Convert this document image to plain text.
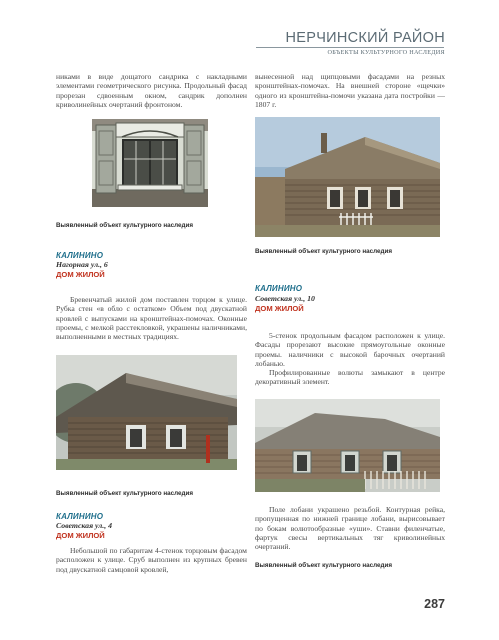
НЕРЧИНСКИЙ РАЙОН
ОБЪЕКТЫ КУЛЬТУРНОГО НАСЛЕДИЯ

никами в виде дощатого сандрика с накладными элементами геометрического рисунка. Продольный фасад прорезан сдвоенным окном, сандрик дополнен криволинейных очертаний фронтоном.

Выявленный объект культурного наследия
КАЛИНИНО
Нагорная ул., 6
ДОМ ЖИЛОЙ

Бревенчатый жилой дом поставлен торцом к улице. Рубка стен «в обло с остатком» Объем под двускатной кровлей с выпусками на кронштейнах-помочах. Оконные проемы, с мелкой расстекловкой, украшены наличниками, выполненными в местных традициях.

Выявленный объект культурного наследия
КАЛИНИНО
Советская ул., 4
ДОМ ЖИЛОЙ

Небольшой по габаритам 4-стенок торцовым фасадом расположен к улице. Сруб выполнен из крупных бревен под двускатной самцовой кровлей,

вынесенной над щипцовыми фасадами на резных кронштейнах-помочах. На внешней стороне «щечки» одного из кронштейна-помочи указана дата постройки — 1807 г.

Выявленный объект культурного наследия
КАЛИНИНО
Советская ул., 10
ДОМ ЖИЛОЙ

5-стенок продольным фасадом расположен к улице. Фасады прорезают высокие прямоугольные оконные проемы. наличники с высокой барочных очертаний лобанью.

Профилированные волюты замыкают в центре декоративный элемент.

Поле лобани украшено резьбой. Контурная рейка, пропущенная по нижней границе лобани, вырисовывает по бокам волютообразные «уши». Ставни филенчатые, фартук свесы вертикальных тяг криволинейных очертаний.

Выявленный объект культурного наследия
287
